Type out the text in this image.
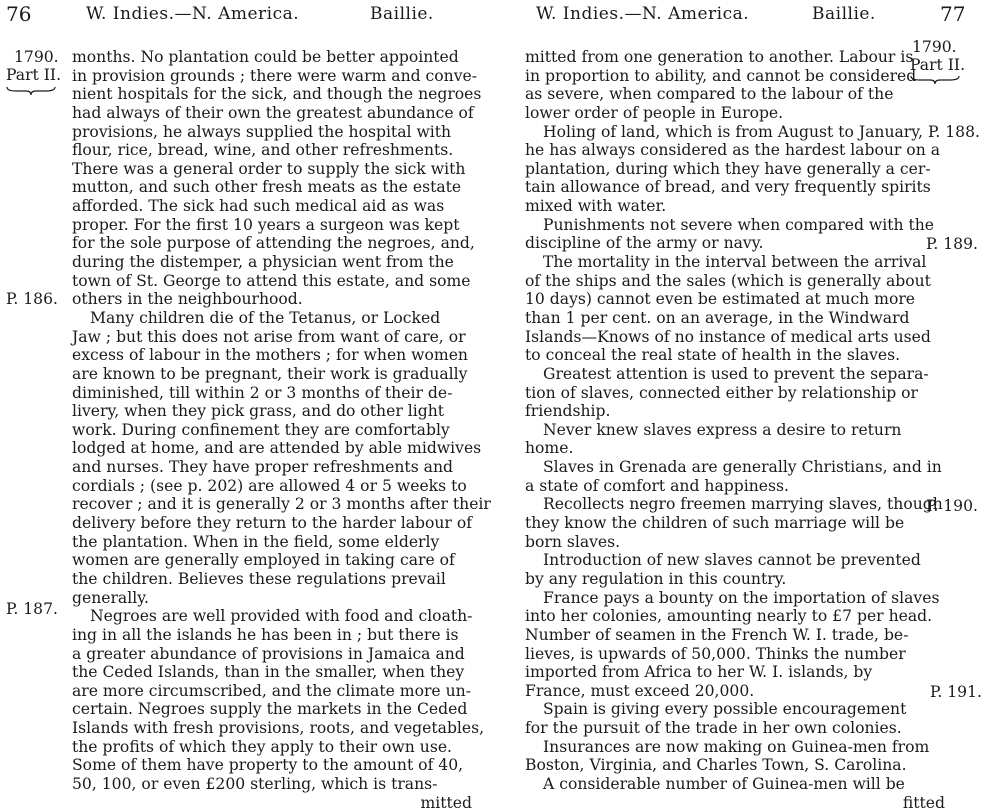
76	W. Indies.—N. America.	Baillie.
1790.
Part II.
P. 186.
P. 187.
months. No plantation could be better appointed
in provision grounds ; there were warm and conve-
nient hospitals for the sick, and though the negroes
had always of their own the greatest abundance of
provisions, he always supplied the hospital with
flour, rice, bread, wine, and other refreshments.
There was a general order to supply the sick with
mutton, and such other fresh meats as the estate
afforded. The sick had such medical aid as was
proper. For the first 10 years a surgeon was kept
for the sole purpose of attending the negroes, and,
during the distemper, a physician went from the
town of St. George to attend this estate, and some
others in the neighbourhood.
Many children die of the Tetanus, or Locked
Jaw ; but this does not arise from want of care, or
excess of labour in the mothers ; for when women
are known to be pregnant, their work is gradually
diminished, till within 2 or 3 months of their de-
livery, when they pick grass, and do other light
work. During confinement they are comfortably
lodged at home, and are attended by able midwives
and nurses. They have proper refreshments and
cordials ; (see p. 202) are allowed 4 or 5 weeks to
recover ; and it is generally 2 or 3 months after their
delivery before they return to the harder labour of
the plantation. When in the field, some elderly
women are generally employed in taking care of
the children. Believes these regulations prevail
generally.
Negroes are well provided with food and cloath-
ing in all the islands he has been in ; but there is
a greater abundance of provisions in Jamaica and
the Ceded Islands, than in the smaller, when they
are more circumscribed, and the climate more un-
certain. Negroes supply the markets in the Ceded
Islands with fresh provisions, roots, and vegetables,
the profits of which they apply to their own use.
Some of them have property to the amount of 40,
50, 100, or even £200 sterling, which is trans-
mitted
W. Indies.—N. America.	Baillie.	77
1790.
Part II.
P. 188.
P. 189.
P. 190.
P. 191.
mitted from one generation to another. Labour is
in proportion to ability, and cannot be considered
as severe, when compared to the labour of the
lower order of people in Europe.
Holing of land, which is from August to January,
he has always considered as the hardest labour on a
plantation, during which they have generally a cer-
tain allowance of bread, and very frequently spirits
mixed with water.
Punishments not severe when compared with the
discipline of the army or navy.
The mortality in the interval between the arrival
of the ships and the sales (which is generally about
10 days) cannot even be estimated at much more
than 1 per cent. on an average, in the Windward
Islands—Knows of no instance of medical arts used
to conceal the real state of health in the slaves.
Greatest attention is used to prevent the separa-
tion of slaves, connected either by relationship or
friendship.
Never knew slaves express a desire to return
home.
Slaves in Grenada are generally Christians, and in
a state of comfort and happiness.
Recollects negro freemen marrying slaves, though
they know the children of such marriage will be
born slaves.
Introduction of new slaves cannot be prevented
by any regulation in this country.
France pays a bounty on the importation of slaves
into her colonies, amounting nearly to £7 per head.
Number of seamen in the French W. I. trade, be-
lieves, is upwards of 50,000. Thinks the number
imported from Africa to her W. I. islands, by
France, must exceed 20,000.
Spain is giving every possible encouragement
for the pursuit of the trade in her own colonies.
Insurances are now making on Guinea-men from
Boston, Virginia, and Charles Town, S. Carolina.
A considerable number of Guinea-men will be
fitted
